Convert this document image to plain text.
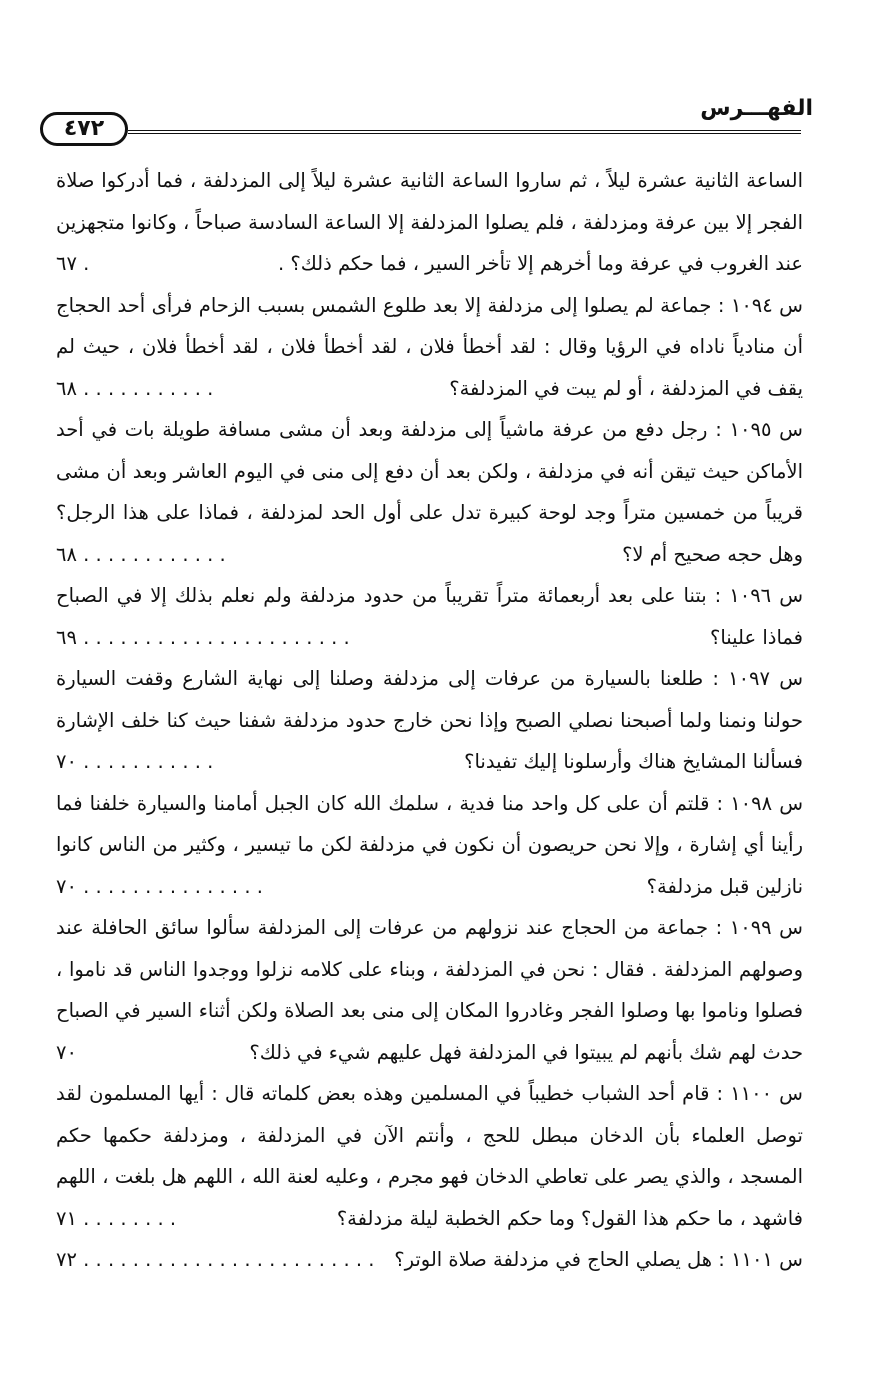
الفهـــرس
٤٧٢

الساعة الثانية عشرة ليلاً ، ثم ساروا الساعة الثانية عشرة ليلاً إلى المزدلفة ، فما أدركوا صلاة الفجر إلا بين عرفة ومزدلفة ، فلم يصلوا المزدلفة إلا الساعة السادسة صباحاً ، وكانوا متجهزين عند الغروب في عرفة وما أخرهم إلا تأخر السير ، فما حكم ذلك؟ .
. ٦٧

س ١٠٩٤ : جماعة لم يصلوا إلى مزدلفة إلا بعد طلوع الشمس بسبب الزحام فرأى أحد الحجاج أن منادياً ناداه في الرؤيا وقال : لقد أخطأ فلان ، لقد أخطأ فلان ، لقد أخطأ فلان ، حيث لم يقف في المزدلفة ، أو لم يبت في المزدلفة؟
. . . . . . . . . . . ٦٨

س ١٠٩٥ : رجل دفع من عرفة ماشياً إلى مزدلفة وبعد أن مشى مسافة طويلة بات في أحد الأماكن حيث تيقن أنه في مزدلفة ، ولكن بعد أن دفع إلى منى في اليوم العاشر وبعد أن مشى قريباً من خمسين متراً وجد لوحة كبيرة تدل على أول الحد لمزدلفة ، فماذا على هذا الرجل؟ وهل حجه صحيح أم لا؟
. . . . . . . . . . . . ٦٨

س ١٠٩٦ : بتنا على بعد أربعمائة متراً تقريباً من حدود مزدلفة ولم نعلم بذلك إلا في الصباح فماذا علينا؟
. . . . . . . . . . . . . . . . . . . . . . ٦٩

س ١٠٩٧ : طلعنا بالسيارة من عرفات إلى مزدلفة وصلنا إلى نهاية الشارع وقفت السيارة حولنا ونمنا ولما أصبحنا نصلي الصبح وإذا نحن خارج حدود مزدلفة شفنا حيث كنا خلف الإشارة فسألنا المشايخ هناك وأرسلونا إليك تفيدنا؟
. . . . . . . . . . . ٧٠

س ١٠٩٨ : قلتم أن على كل واحد منا فدية ، سلمك الله كان الجبل أمامنا والسيارة خلفنا فما رأينا أي إشارة ، وإلا نحن حريصون أن نكون في مزدلفة لكن ما تيسير ، وكثير من الناس كانوا نازلين قبل مزدلفة؟
. . . . . . . . . . . . . . . ٧٠

س ١٠٩٩ : جماعة من الحجاج عند نزولهم من عرفات إلى المزدلفة سألوا سائق الحافلة عند وصولهم المزدلفة . فقال : نحن في المزدلفة ، وبناء على كلامه نزلوا ووجدوا الناس قد ناموا ، فصلوا وناموا بها وصلوا الفجر وغادروا المكان إلى منى بعد الصلاة ولكن أثناء السير في الصباح حدث لهم شك بأنهم لم يبيتوا في المزدلفة فهل عليهم شيء في ذلك؟
٧٠

س ١١٠٠ : قام أحد الشباب خطيباً في المسلمين وهذه بعض كلماته قال : أيها المسلمون لقد توصل العلماء بأن الدخان مبطل للحج ، وأنتم الآن في المزدلفة ، ومزدلفة حكمها حكم المسجد ، والذي يصر على تعاطي الدخان فهو مجرم ، وعليه لعنة الله ، اللهم هل بلغت ، اللهم فاشهد ، ما حكم هذا القول؟ وما حكم الخطبة ليلة مزدلفة؟
. . . . . . . . ٧١

س ١١٠١ : هل يصلي الحاج في مزدلفة صلاة الوتر؟
. . . . . . . . . . . . . . . . . . . . . . . . ٧٢
